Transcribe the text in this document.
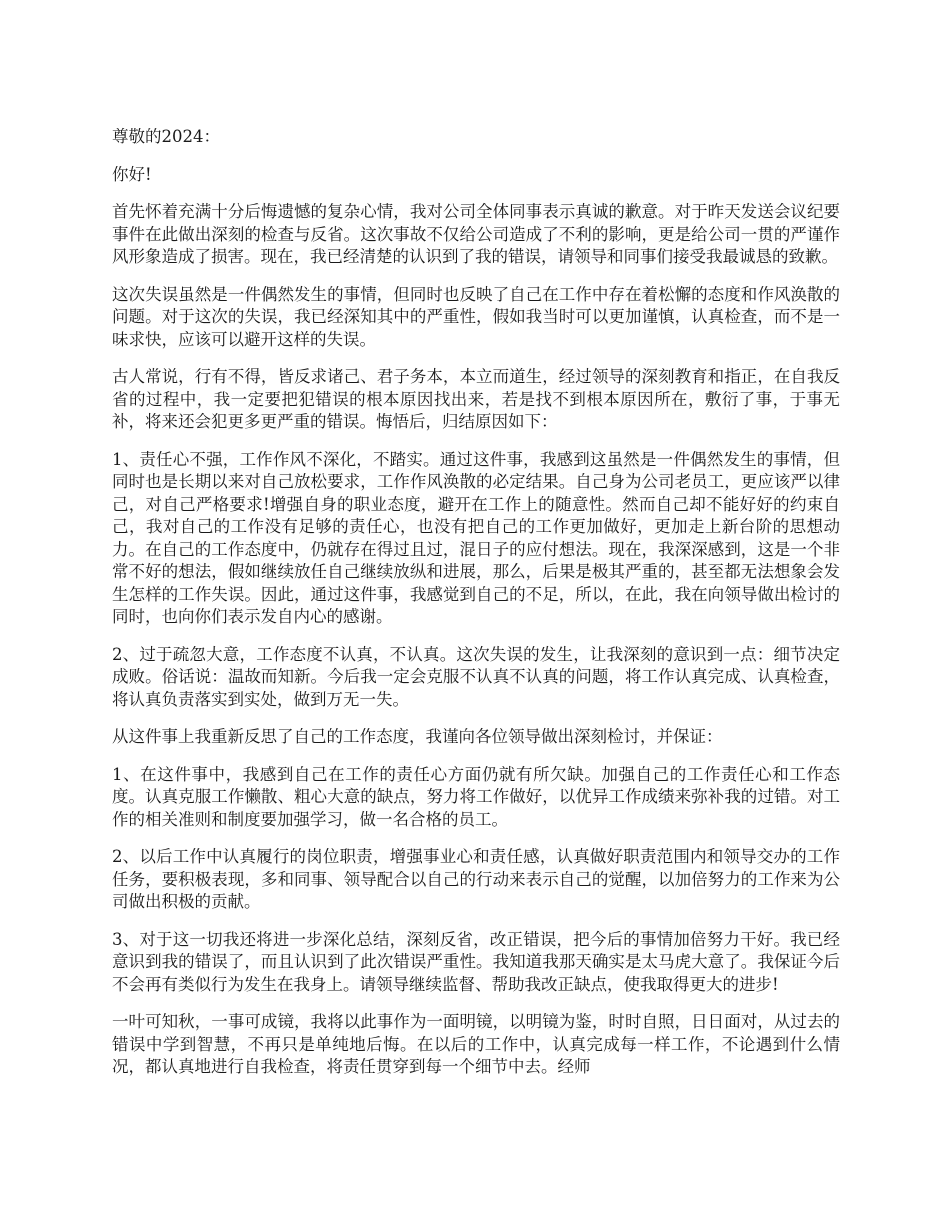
尊敬的2024：

你好!

首先怀着充满十分后悔遗憾的复杂心情，我对公司全体同事表示真诚的歉意。对于昨天发送会议纪要事件在此做出深刻的检查与反省。这次事故不仅给公司造成了不利的影响，更是给公司一贯的严谨作风形象造成了损害。现在，我已经清楚的认识到了我的错误，请领导和同事们接受我最诚恳的致歉。

这次失误虽然是一件偶然发生的事情，但同时也反映了自己在工作中存在着松懈的态度和作风涣散的问题。对于这次的失误，我已经深知其中的严重性，假如我当时可以更加谨慎，认真检查，而不是一味求快，应该可以避开这样的失误。

古人常说，行有不得，皆反求诸己、君子务本，本立而道生，经过领导的深刻教育和指正，在自我反省的过程中，我一定要把犯错误的根本原因找出来，若是找不到根本原因所在，敷衍了事，于事无补，将来还会犯更多更严重的错误。悔悟后，归结原因如下：

1、责任心不强，工作作风不深化，不踏实。通过这件事，我感到这虽然是一件偶然发生的事情，但同时也是长期以来对自己放松要求，工作作风涣散的必定结果。自己身为公司老员工，更应该严以律己，对自己严格要求!增强自身的职业态度，避开在工作上的随意性。然而自己却不能好好的约束自己，我对自己的工作没有足够的责任心，也没有把自己的工作更加做好，更加走上新台阶的思想动力。在自己的工作态度中，仍就存在得过且过，混日子的应付想法。现在，我深深感到，这是一个非常不好的想法，假如继续放任自己继续放纵和进展，那么，后果是极其严重的，甚至都无法想象会发生怎样的工作失误。因此，通过这件事，我感觉到自己的不足，所以，在此，我在向领导做出检讨的同时，也向你们表示发自内心的感谢。

2、过于疏忽大意，工作态度不认真，不认真。这次失误的发生，让我深刻的意识到一点：细节决定成败。俗话说：温故而知新。今后我一定会克服不认真不认真的问题，将工作认真完成、认真检查，将认真负责落实到实处，做到万无一失。

从这件事上我重新反思了自己的工作态度，我谨向各位领导做出深刻检讨，并保证：

1、在这件事中，我感到自己在工作的责任心方面仍就有所欠缺。加强自己的工作责任心和工作态度。认真克服工作懒散、粗心大意的缺点，努力将工作做好，以优异工作成绩来弥补我的过错。对工作的相关准则和制度要加强学习，做一名合格的员工。

2、以后工作中认真履行的岗位职责，增强事业心和责任感，认真做好职责范围内和领导交办的工作任务，要积极表现，多和同事、领导配合以自己的行动来表示自己的觉醒，以加倍努力的工作来为公司做出积极的贡献。

3、对于这一切我还将进一步深化总结，深刻反省，改正错误，把今后的事情加倍努力干好。我已经意识到我的错误了，而且认识到了此次错误严重性。我知道我那天确实是太马虎大意了。我保证今后不会再有类似行为发生在我身上。请领导继续监督、帮助我改正缺点，使我取得更大的进步!

一叶可知秋，一事可成镜，我将以此事作为一面明镜，以明镜为鉴，时时自照，日日面对，从过去的错误中学到智慧，不再只是单纯地后悔。在以后的工作中，认真完成每一样工作，不论遇到什么情况，都认真地进行自我检查，将责任贯穿到每一个细节中去。经师
